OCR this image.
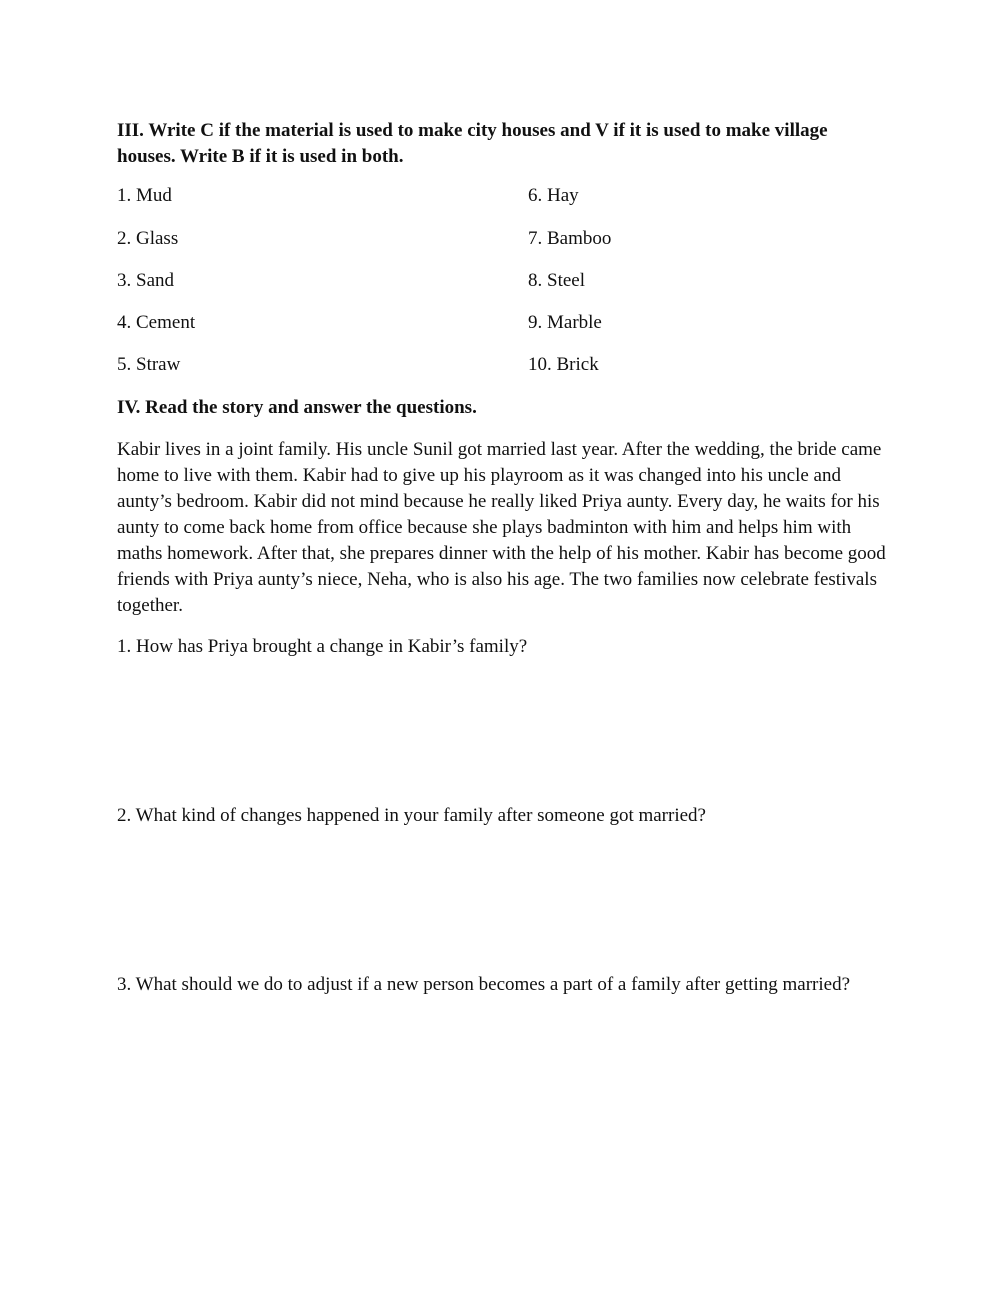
III. Write C if the material is used to make city houses and V if it is used to make village houses. Write B if it is used in both.
1. Mud
2. Glass
3. Sand
4. Cement
5. Straw
6. Hay
7. Bamboo
8. Steel
9. Marble
10. Brick
IV. Read the story and answer the questions.
Kabir lives in a joint family. His uncle Sunil got married last year. After the wedding, the bride came home to live with them. Kabir had to give up his playroom as it was changed into his uncle and aunty’s bedroom. Kabir did not mind because he really liked Priya aunty. Every day, he waits for his aunty to come back home from office because she plays badminton with him and helps him with maths homework. After that, she prepares dinner with the help of his mother. Kabir has become good friends with Priya aunty’s niece, Neha, who is also his age. The two families now celebrate festivals together.
1. How has Priya brought a change in Kabir’s family?
2. What kind of changes happened in your family after someone got married?
3. What should we do to adjust if a new person becomes a part of a family after getting married?
